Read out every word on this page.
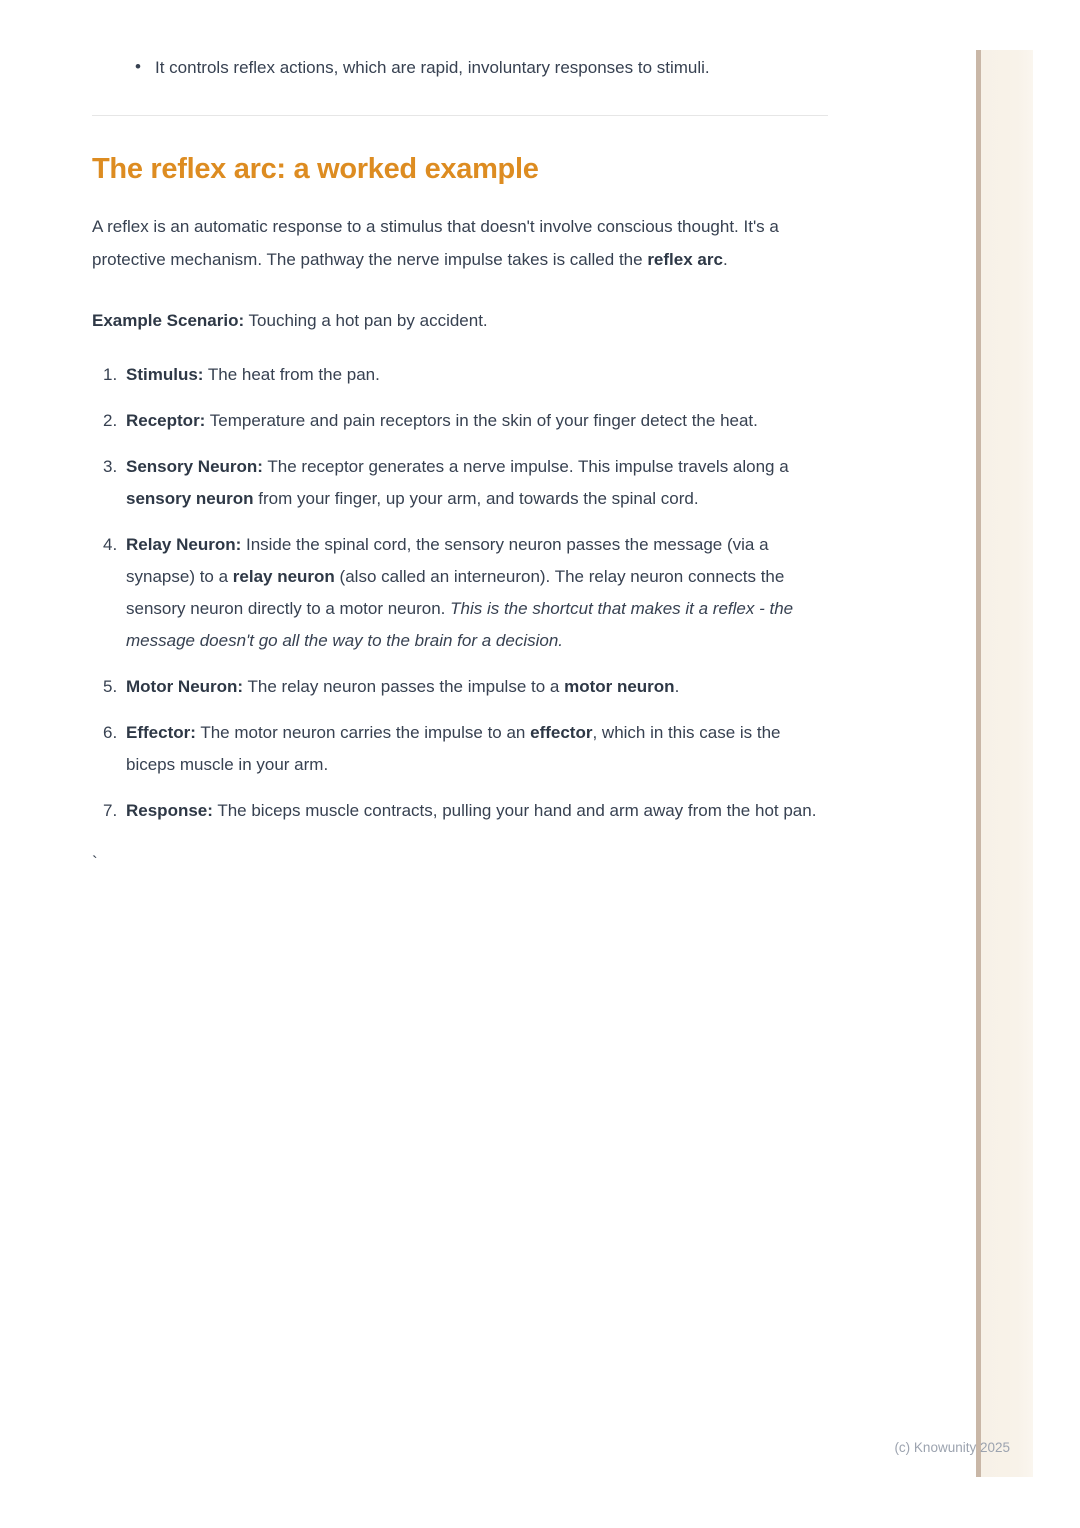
• It controls reflex actions, which are rapid, involuntary responses to stimuli.
The reflex arc: a worked example

A reflex is an automatic response to a stimulus that doesn't involve conscious thought. It's a protective mechanism. The pathway the nerve impulse takes is called the reflex arc.

Example Scenario: Touching a hot pan by accident.

1. Stimulus: The heat from the pan.
2. Receptor: Temperature and pain receptors in the skin of your finger detect the heat.
3. Sensory Neuron: The receptor generates a nerve impulse. This impulse travels along a sensory neuron from your finger, up your arm, and towards the spinal cord.
4. Relay Neuron: Inside the spinal cord, the sensory neuron passes the message (via a synapse) to a relay neuron (also called an interneuron). The relay neuron connects the sensory neuron directly to a motor neuron. This is the shortcut that makes it a reflex - the message doesn't go all the way to the brain for a decision.
5. Motor Neuron: The relay neuron passes the impulse to a motor neuron.
6. Effector: The motor neuron carries the impulse to an effector, which in this case is the biceps muscle in your arm.
7. Response: The biceps muscle contracts, pulling your hand and arm away from the hot pan.

`

(c) Knowunity 2025
